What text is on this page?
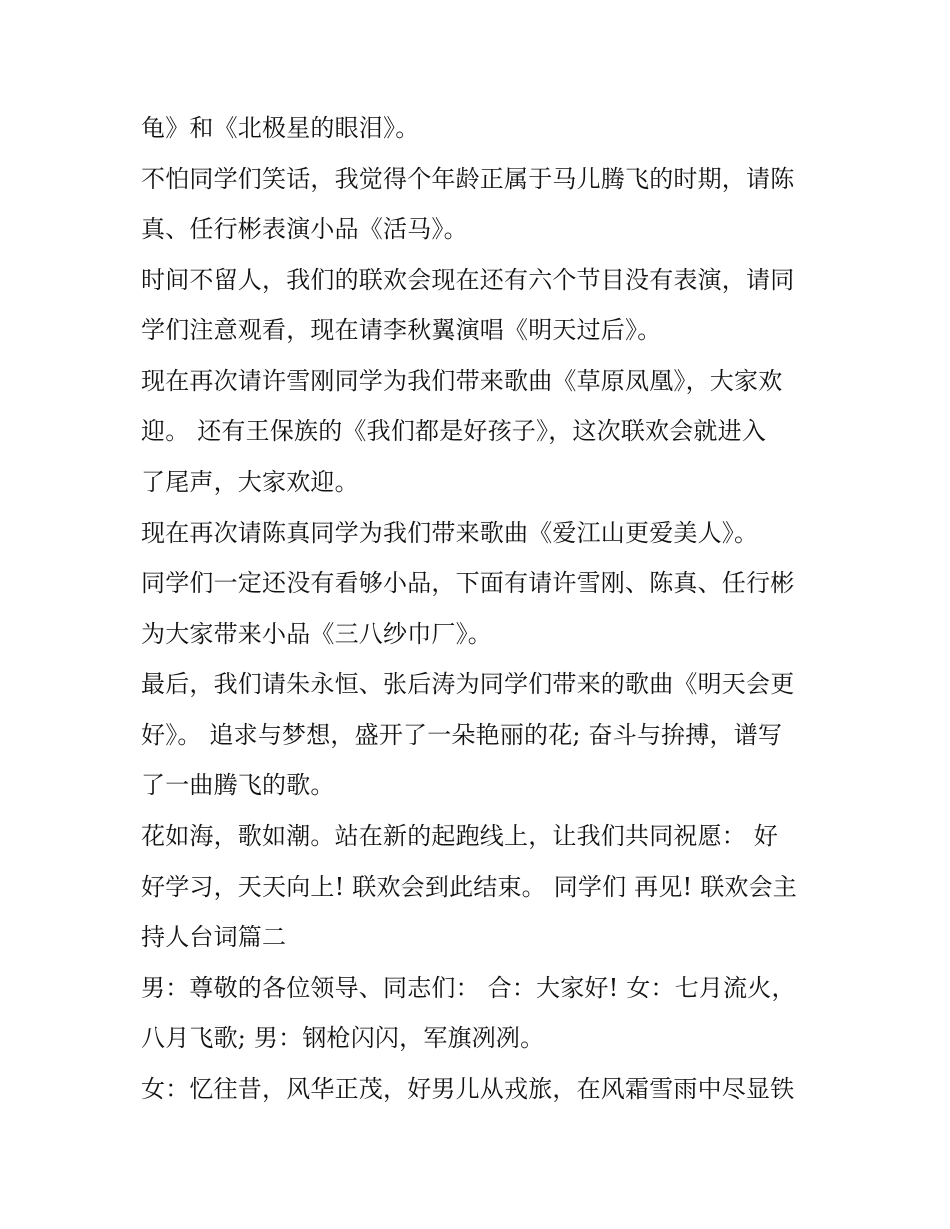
龟》和《北极星的眼泪》。
不怕同学们笑话，我觉得个年龄正属于马儿腾飞的时期，请陈
真、任行彬表演小品《活马》。
时间不留人，我们的联欢会现在还有六个节目没有表演，请同
学们注意观看，现在请李秋翼演唱《明天过后》。
现在再次请许雪刚同学为我们带来歌曲《草原凤凰》，大家欢
迎。 还有王保族的《我们都是好孩子》，这次联欢会就进入
了尾声，大家欢迎。
现在再次请陈真同学为我们带来歌曲《爱江山更爱美人》。
同学们一定还没有看够小品，下面有请许雪刚、陈真、任行彬
为大家带来小品《三八纱巾厂》。
最后，我们请朱永恒、张后涛为同学们带来的歌曲《明天会更
好》。 追求与梦想，盛开了一朵艳丽的花; 奋斗与拚搏，谱写
了一曲腾飞的歌。
花如海，歌如潮。站在新的起跑线上，让我们共同祝愿： 好
好学习，天天向上! 联欢会到此结束。 同学们 再见! 联欢会主
持人台词篇二
男：尊敬的各位领导、同志们： 合：大家好! 女：七月流火，
八月飞歌; 男：钢枪闪闪，军旗冽冽。
女：忆往昔，风华正茂，好男儿从戎旅，在风霜雪雨中尽显铁
